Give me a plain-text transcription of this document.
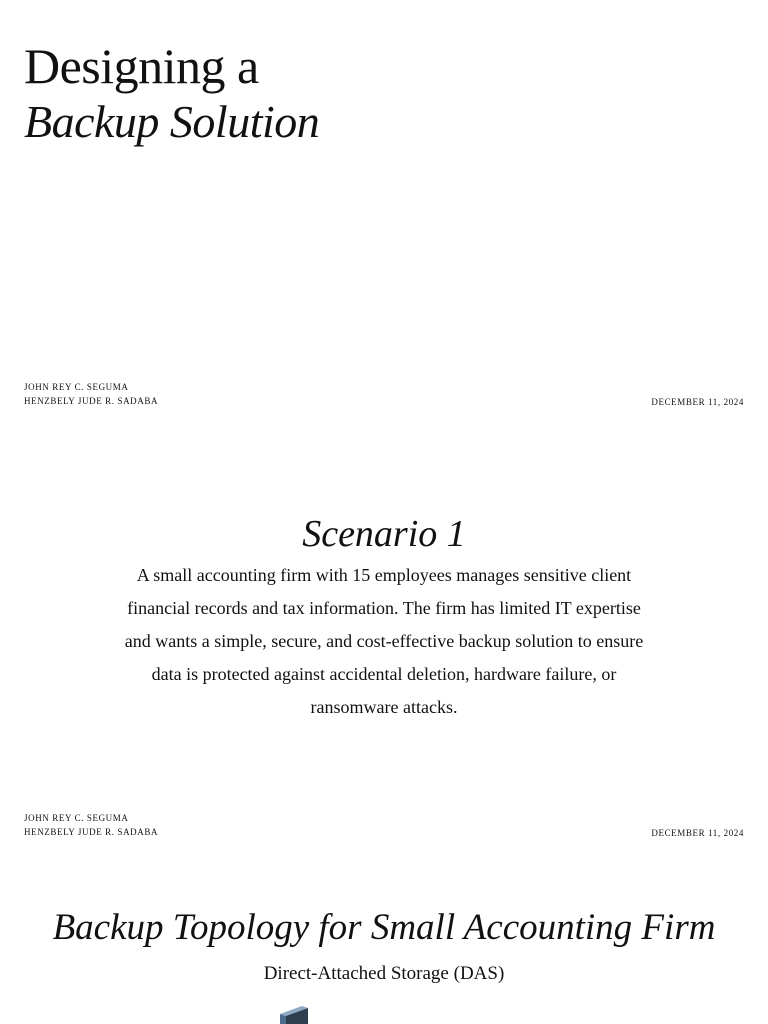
Designing a
Backup Solution
JOHN REY C. SEGUMA
HENZBELY JUDE R. SADABA	DECEMBER 11, 2024
Scenario 1
A small accounting firm with 15 employees manages sensitive client financial records and tax information. The firm has limited IT expertise and wants a simple, secure, and cost-effective backup solution to ensure data is protected against accidental deletion, hardware failure, or ransomware attacks.
JOHN REY C. SEGUMA
HENZBELY JUDE R. SADABA	DECEMBER 11, 2024
Backup Topology for Small Accounting Firm
Direct-Attached Storage (DAS)
